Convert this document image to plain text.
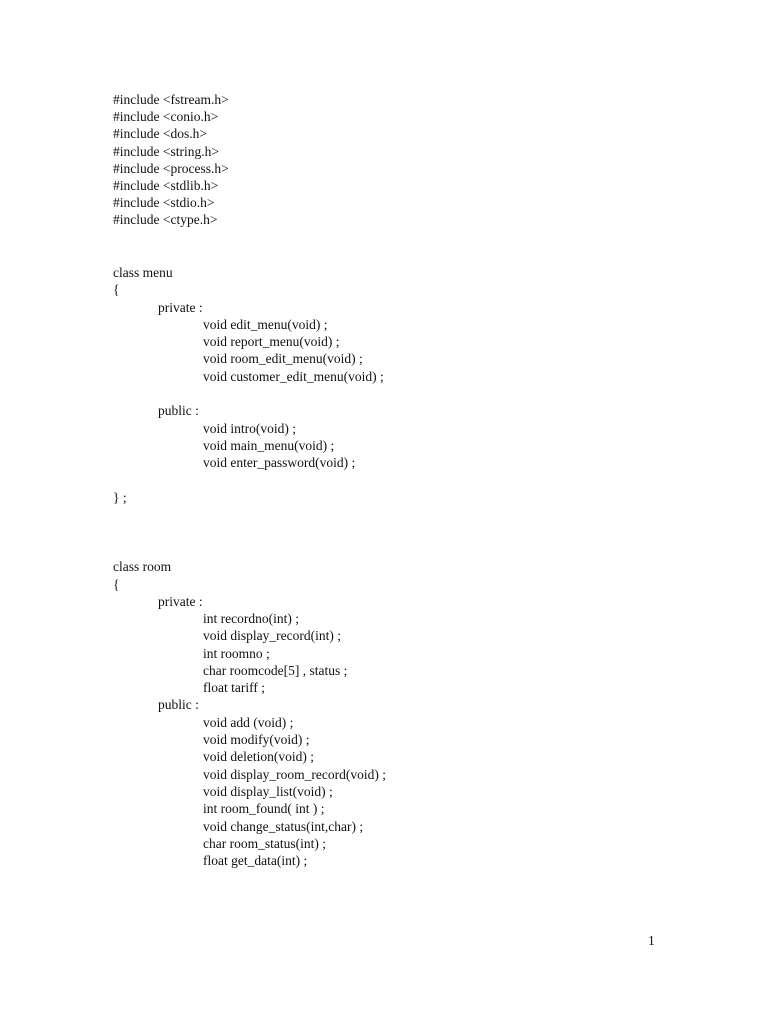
#include <fstream.h>
#include <conio.h>
#include <dos.h>
#include <string.h>
#include <process.h>
#include <stdlib.h>
#include <stdio.h>
#include <ctype.h>
class menu
{
private :
void edit_menu(void) ;
void report_menu(void) ;
void room_edit_menu(void) ;
void customer_edit_menu(void) ;
public :
void intro(void) ;
void main_menu(void) ;
void enter_password(void) ;
} ;
class room
{
private :
int recordno(int) ;
void display_record(int) ;
int roomno ;
char roomcode[5] , status ;
float tariff ;
public :
void add (void) ;
void modify(void) ;
void deletion(void) ;
void display_room_record(void) ;
void display_list(void) ;
int room_found( int ) ;
void change_status(int,char) ;
char room_status(int) ;
float get_data(int) ;
1
